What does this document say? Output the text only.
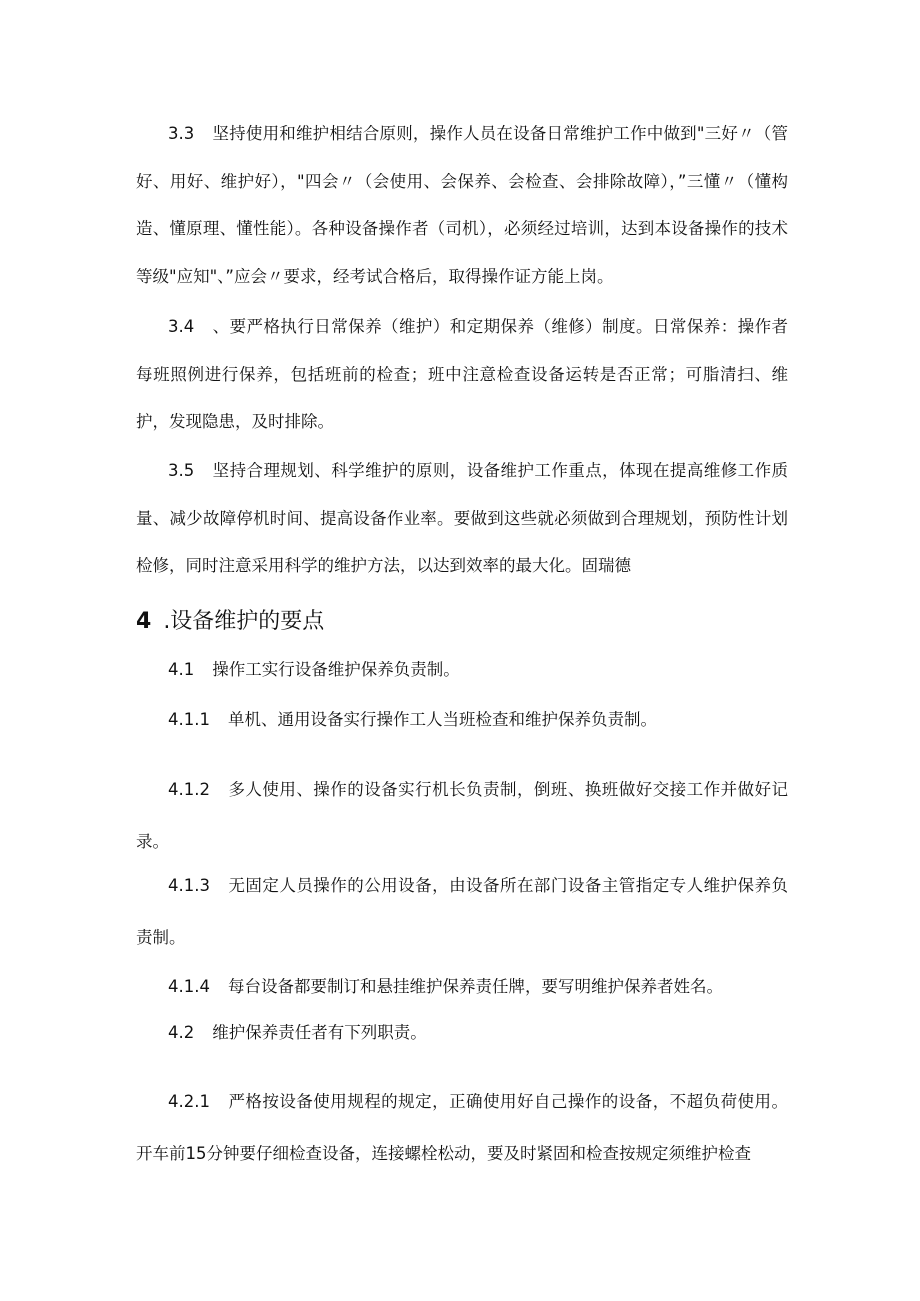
3.3 坚持使用和维护相结合原则，操作人员在设备日常维护工作中做到"三好〃（管好、用好、维护好），"四会〃（会使用、会保养、会检查、会排除故障），”三懂〃（懂构造、懂原理、懂性能）。各种设备操作者（司机），必须经过培训，达到本设备操作的技术等级"应知"、”应会〃要求，经考试合格后，取得操作证方能上岗。

3.4 、要严格执行日常保养（维护）和定期保养（维修）制度。日常保养：操作者每班照例进行保养，包括班前的检查；班中注意检查设备运转是否正常；可脂清扫、维护，发现隐患，及时排除。

3.5 坚持合理规划、科学维护的原则，设备维护工作重点，体现在提高维修工作质量、减少故障停机时间、提高设备作业率。要做到这些就必须做到合理规划，预防性计划检修，同时注意采用科学的维护方法，以达到效率的最大化。固瑞德

4 .设备维护的要点

4.1 操作工实行设备维护保养负责制。

4.1.1 单机、通用设备实行操作工人当班检查和维护保养负责制。

4.1.2 多人使用、操作的设备实行机长负责制，倒班、换班做好交接工作并做好记录。

4.1.3 无固定人员操作的公用设备，由设备所在部门设备主管指定专人维护保养负责制。

4.1.4 每台设备都要制订和悬挂维护保养责任牌，要写明维护保养者姓名。

4.2 维护保养责任者有下列职责。

4.2.1 严格按设备使用规程的规定，正确使用好自己操作的设备，不超负荷使用。开车前15分钟要仔细检查设备，连接螺栓松动，要及时紧固和检查按规定须维护检查
